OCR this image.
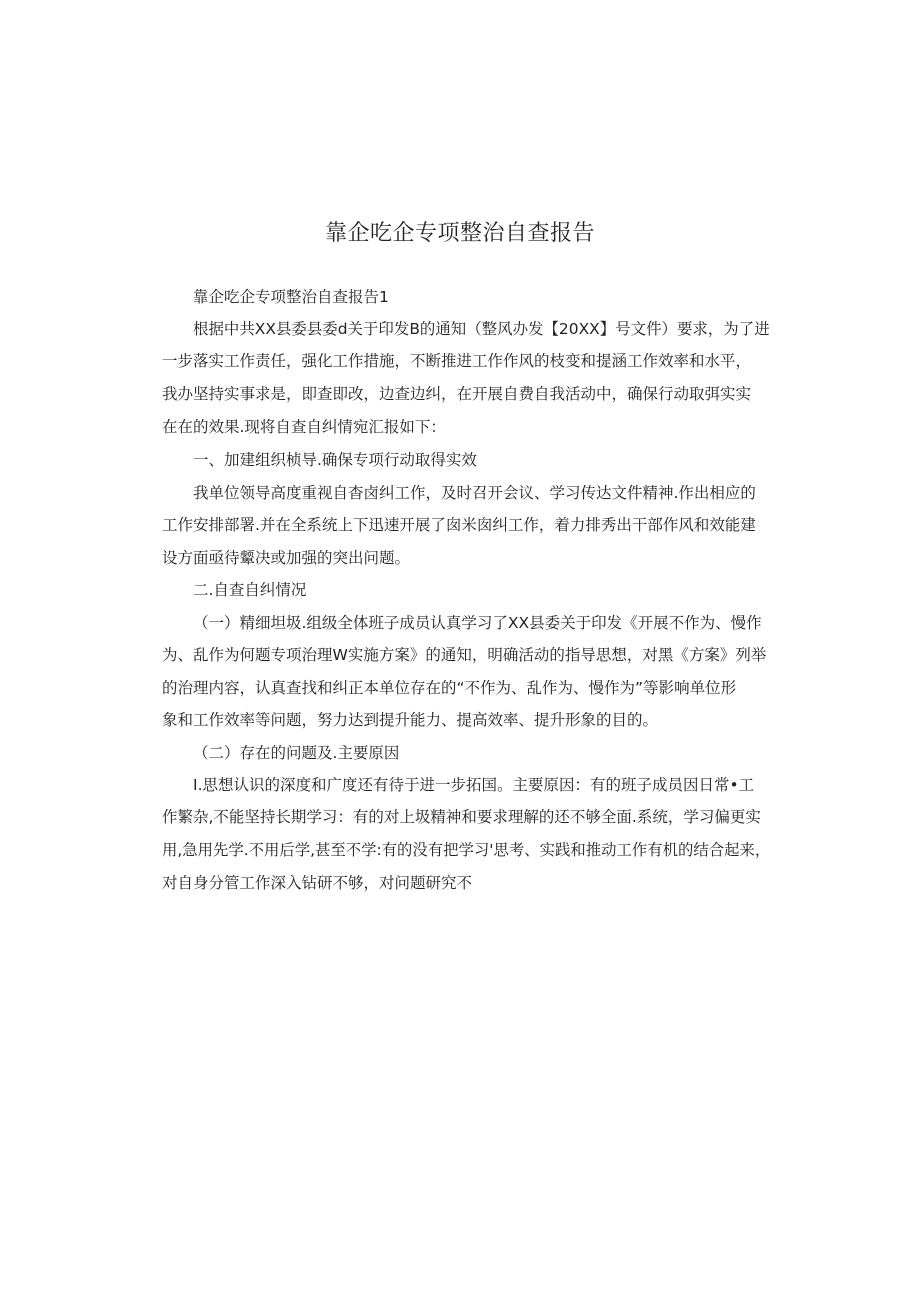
靠企吃企专项整治自查报告
靠企吃企专项整治自查报告1
根据中共XX县委县委d关于印发B的通知（整风办发【20XX】号文件）要求，为了进
一步落实工作责任，强化工作措施，不断推进工作作风的枝变和提涵工作效率和水平，
我办坚持实事求是，即查即改，边查边纠，在开展自费自我活动中，确保行动取弭实实
在在的效果.现将自查自纠情宛汇报如下：
一、加建组织桢导.确保专项行动取得实效
我单位领导高度重视自杳卤纠工作，及时召开会议、学习传达文件精神.作出相应的
工作安排部署.并在全系统上下迅速开展了囱米囱纠工作，着力排秀出干部作风和效能建
设方面亟待颦决或加强的突出问题。
二.自查自纠情况
（一）精细坦圾.组级全体班子成员认真学习了XX县委关于印发《开展不作为、慢作
为、乱作为何题专项治理W实施方案》的通知，明确活动的指导思想，对黑《方案》列举
的治理内容，认真查找和纠正本单位存在的“不作为、乱作为、慢作为”等影响单位形
象和工作效率等问题，努力达到提升能力、提高效率、提升形象的目的。
（二）存在的问题及.主要原因
I.思想认识的深度和广度还有待于进一步拓国。主要原因：有的班子成员因日常•工
作繁杂,不能坚持长期学习：有的对上圾精神和要求理解的还不够全面.系统，学习偏更实
用,急用先学.不用后学,甚至不学:有的没有把学习'思考、实践和推动工作有机的结合起来，
对自身分管工作深入钻研不够，对问题研究不
